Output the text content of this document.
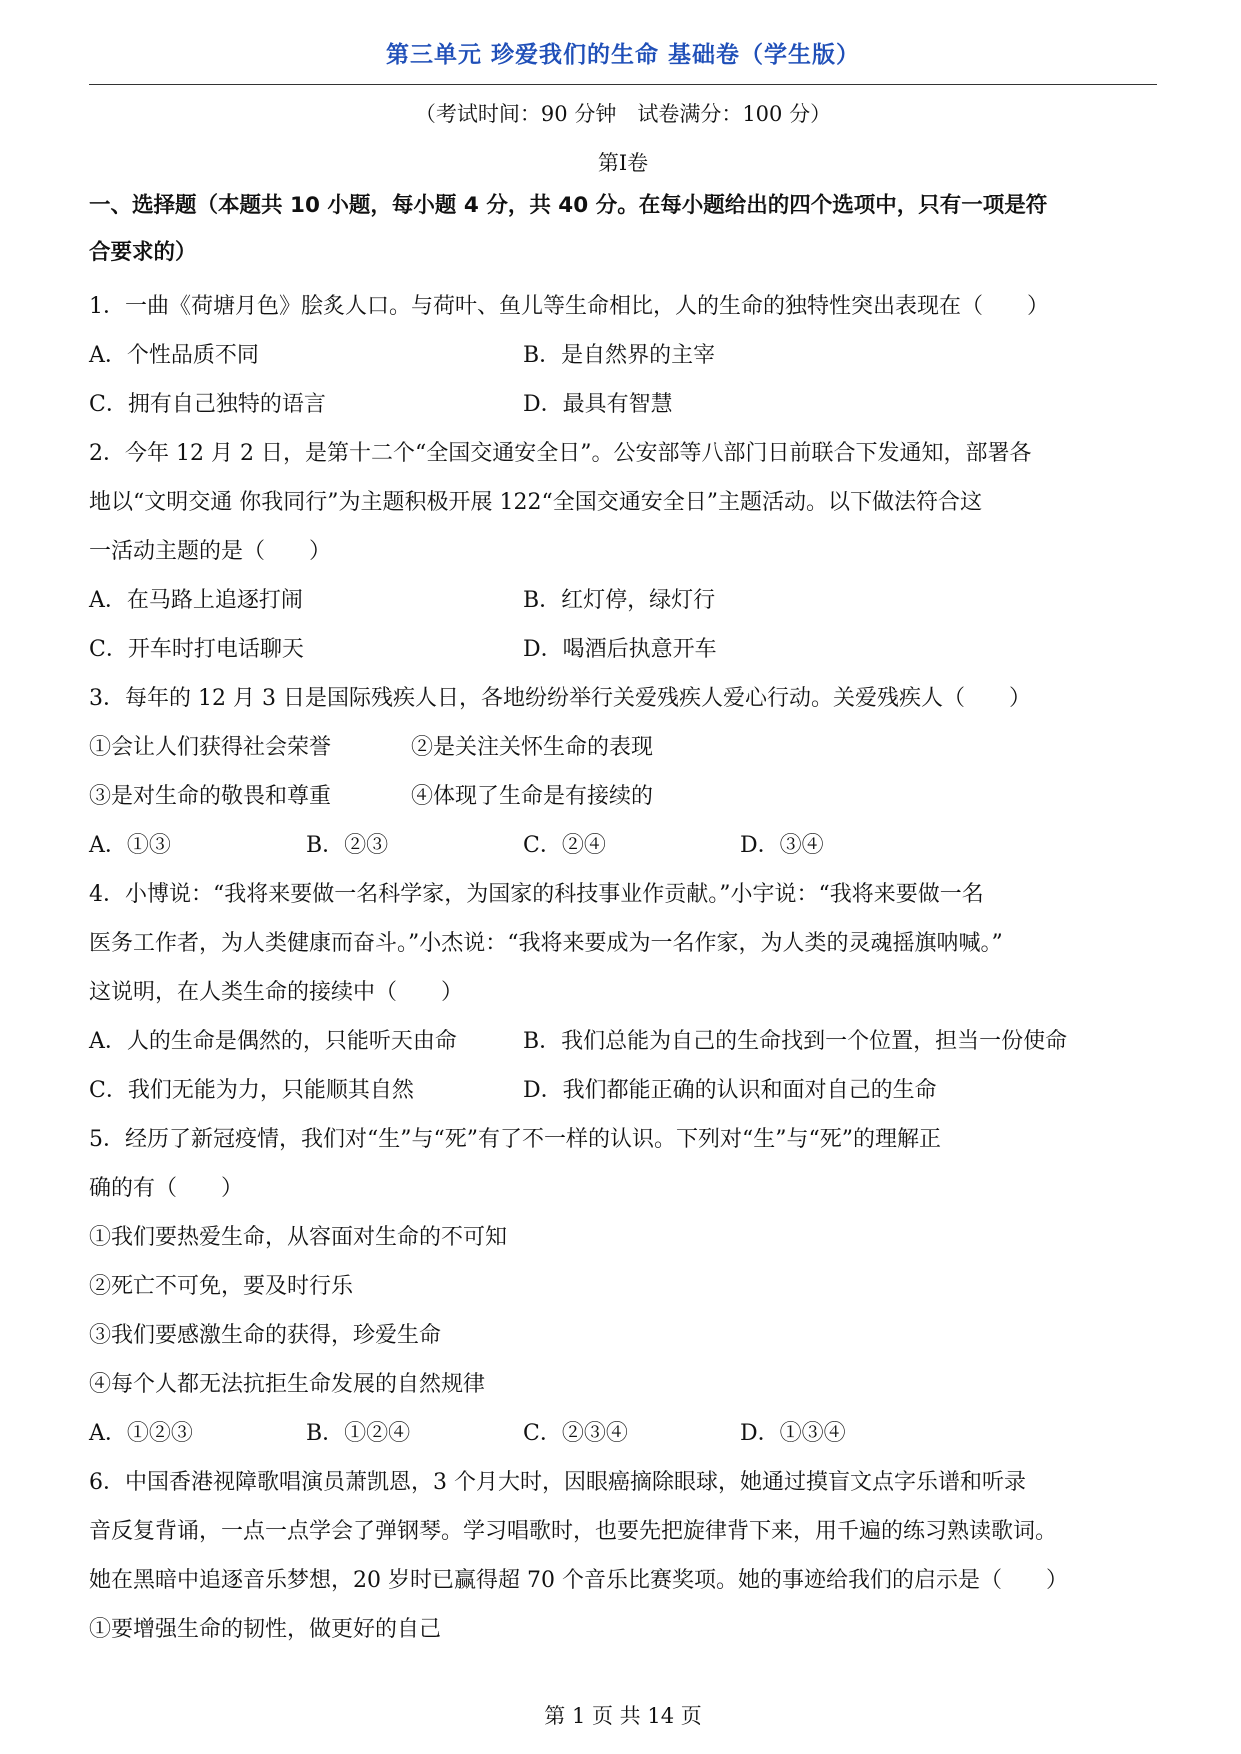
第三单元 珍爱我们的生命 基础卷（学生版）
（考试时间：90 分钟　试卷满分：100 分）
第I卷
一、选择题（本题共 10 小题，每小题 4 分，共 40 分。在每小题给出的四个选项中，只有一项是符
合要求的）
1．一曲《荷塘月色》脍炙人口。与荷叶、鱼儿等生命相比，人的生命的独特性突出表现在（　　）
A．个性品质不同	B．是自然界的主宰
C．拥有自己独特的语言	D．最具有智慧
2．今年 12 月 2 日，是第十二个“全国交通安全日”。公安部等八部门日前联合下发通知，部署各
地以“文明交通 你我同行”为主题积极开展 122“全国交通安全日”主题活动。以下做法符合这
一活动主题的是（　　）
A．在马路上追逐打闹	B．红灯停，绿灯行
C．开车时打电话聊天	D．喝酒后执意开车
3．每年的 12 月 3 日是国际残疾人日，各地纷纷举行关爱残疾人爱心行动。关爱残疾人（　　）
①会让人们获得社会荣誉	②是关注关怀生命的表现
③是对生命的敬畏和尊重	④体现了生命是有接续的
A．①③	B．②③	C．②④	D．③④
4．小博说：“我将来要做一名科学家，为国家的科技事业作贡献。”小宇说：“我将来要做一名
医务工作者，为人类健康而奋斗。”小杰说：“我将来要成为一名作家，为人类的灵魂摇旗呐喊。”
这说明，在人类生命的接续中（　　）
A．人的生命是偶然的，只能听天由命	B．我们总能为自己的生命找到一个位置，担当一份使命
C．我们无能为力，只能顺其自然	D．我们都能正确的认识和面对自己的生命
5．经历了新冠疫情，我们对“生”与“死”有了不一样的认识。下列对“生”与“死”的理解正
确的有（　　）
①我们要热爱生命，从容面对生命的不可知
②死亡不可免，要及时行乐
③我们要感激生命的获得，珍爱生命
④每个人都无法抗拒生命发展的自然规律
A．①②③	B．①②④	C．②③④	D．①③④
6．中国香港视障歌唱演员萧凯恩，3 个月大时，因眼癌摘除眼球，她通过摸盲文点字乐谱和听录
音反复背诵，一点一点学会了弹钢琴。学习唱歌时，也要先把旋律背下来，用千遍的练习熟读歌词。
她在黑暗中追逐音乐梦想，20 岁时已赢得超 70 个音乐比赛奖项。她的事迹给我们的启示是（　　）
①要增强生命的韧性，做更好的自己
第 1 页 共 14 页
